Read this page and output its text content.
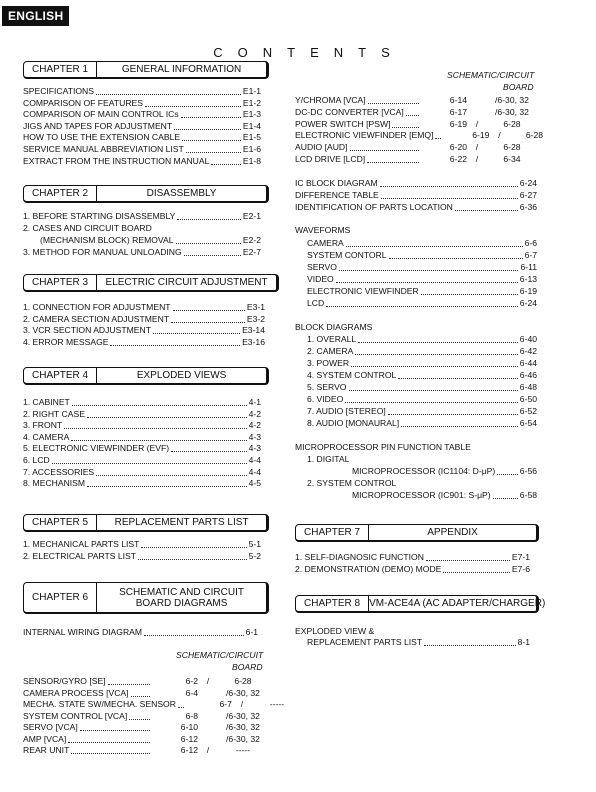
ENGLISH
CONTENTS
CHAPTER 1	GENERAL INFORMATION
SPECIFICATIONS	E1-1
COMPARISON OF FEATURES	E1-2
COMPARISON OF MAIN CONTROL ICs	E1-3
JIGS AND TAPES FOR ADJUSTMENT	E1-4
HOW TO USE THE EXTENSION CABLE	E1-5
SERVICE MANUAL ABBREVIATION LIST	E1-6
EXTRACT FROM THE INSTRUCTION MANUAL	E1-8
CHAPTER 2	DISASSEMBLY
1. BEFORE STARTING DISASSEMBLY	E2-1
2. CASES AND CIRCUIT BOARD
(MECHANISM BLOCK) REMOVAL	E2-2
3. METHOD FOR MANUAL UNLOADING	E2-7
CHAPTER 3	ELECTRIC CIRCUIT ADJUSTMENT
1. CONNECTION FOR ADJUSTMENT	E3-1
2. CAMERA SECTION ADJUSTMENT	E3-2
3. VCR SECTION ADJUSTMENT	E3-14
4. ERROR MESSAGE	E3-16
CHAPTER 4	EXPLODED VIEWS
1. CABINET	4-1
2. RIGHT CASE	4-2
3. FRONT	4-2
4. CAMERA	4-3
5. ELECTRONIC VIEWFINDER (EVF)	4-3
6. LCD	4-4
7. ACCESSORIES	4-4
8. MECHANISM	4-5
CHAPTER 5	REPLACEMENT PARTS LIST
1. MECHANICAL PARTS LIST	5-1
2. ELECTRICAL PARTS LIST	5-2
CHAPTER 6	SCHEMATIC AND CIRCUIT
BOARD DIAGRAMS
INTERNAL WIRING DIAGRAM	6-1
SCHEMATIC/CIRCUIT
BOARD
SENSOR/GYRO [SE]	6-2	/	6-28
CAMERA PROCESS [VCA]	6-4	/6-30, 32
MECHA. STATE SW/MECHA. SENSOR	6-7	/	-----
SYSTEM CONTROL [VCA]	6-8	/6-30, 32
SERVO [VCA]	6-10	/6-30, 32
AMP [VCA]	6-12	/6-30, 32
REAR UNIT	6-12	/	-----
SCHEMATIC/CIRCUIT
BOARD
Y/CHROMA [VCA]	6-14	/6-30, 32
DC-DC CONVERTER [VCA]	6-17	/6-30, 32
POWER SWITCH [PSW]	6-19	/	6-28
ELECTRONIC VIEWFINDER [EMQ]	6-19	/	6-28
AUDIO [AUD]	6-20	/	6-28
LCD DRIVE [LCD]	6-22	/	6-34
IC BLOCK DIAGRAM	6-24
DIFFERENCE TABLE	6-27
IDENTIFICATION OF PARTS LOCATION	6-36
WAVEFORMS
CAMERA	6-6
SYSTEM CONTORL	6-7
SERVO	6-11
VIDEO	6-13
ELECTRONIC VIEWFINDER	6-19
LCD	6-24
BLOCK DIAGRAMS
1. OVERALL	6-40
2. CAMERA	6-42
3. POWER	6-44
4. SYSTEM CONTROL	6-46
5. SERVO	6-48
6. VIDEO	6-50
7. AUDIO [STEREO]	6-52
8. AUDIO [MONAURAL]	6-54
MICROPROCESSOR PIN FUNCTION TABLE
1. DIGITAL
MICROPROCESSOR (IC1104: D-μP)	6-56
2. SYSTEM CONTROL
MICROPROCESSOR (IC901: S-μP)	6-58
CHAPTER 7	APPENDIX
1. SELF-DIAGNOSIC FUNCTION	E7-1
2. DEMONSTRATION (DEMO) MODE	E7-6
CHAPTER 8 VM-ACE4A (AC ADAPTER/CHARGER)
EXPLODED VIEW &
REPLACEMENT PARTS LIST	8-1
